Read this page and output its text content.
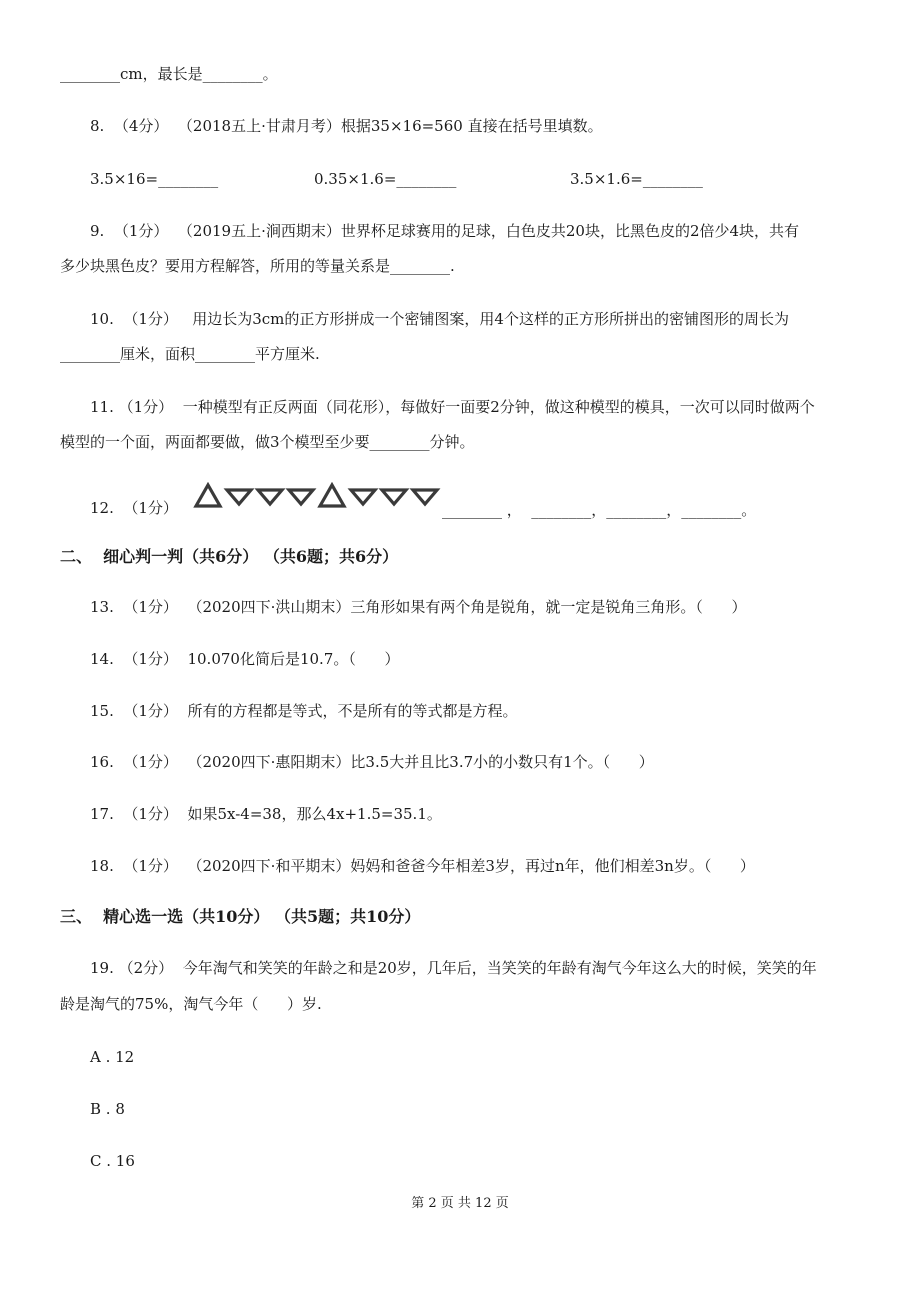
________cm，最长是________。
8.  （4分）  （2018五上·甘肃月考）根据35×16=560 直接在括号里填数。
3.5×16=________	0.35×1.6=________	3.5×1.6=________
9.  （1分）  （2019五上·涧西期末）世界杯足球赛用的足球，白色皮共20块，比黑色皮的2倍少4块，共有
多少块黑色皮？要用方程解答，所用的等量关系是________.
10.  （1分）   用边长为3cm的正方形拼成一个密铺图案，用4个这样的正方形所拼出的密铺图形的周长为
________厘米，面积________平方厘米.
11. （1分）  一种模型有正反两面（同花形），每做好一面要2分钟，做这种模型的模具，一次可以同时做两个
模型的一个面，两面都要做，做3个模型至少要________分钟。
12.  （1分）	________ ，  ________，________，________。
二、  细心判一判（共6分） （共6题；共6分）
13.  （1分）  （2020四下·洪山期末）三角形如果有两个角是锐角，就一定是锐角三角形。（      ）
14.  （1分）  10.070化简后是10.7。（      ）
15.  （1分）  所有的方程都是等式，不是所有的等式都是方程。
16.  （1分）  （2020四下·惠阳期末）比3.5大并且比3.7小的小数只有1个。（      ）
17.  （1分）  如果5x-4=38，那么4x+1.5=35.1。
18.  （1分）  （2020四下·和平期末）妈妈和爸爸今年相差3岁，再过n年，他们相差3n岁。（      ）
三、  精心选一选（共10分） （共5题；共10分）
19. （2分）  今年淘气和笑笑的年龄之和是20岁，几年后，当笑笑的年龄有淘气今年这么大的时候，笑笑的年
龄是淘气的75%，淘气今年（      ）岁.
A . 12
B . 8
C . 16
第 2 页 共 12 页
